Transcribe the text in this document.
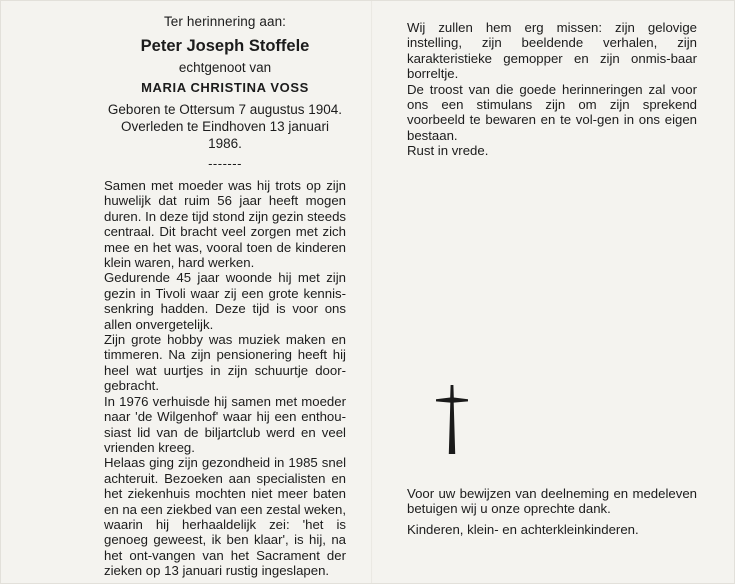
Ter herinnering aan:
Peter Joseph Stoffele
echtgenoot van
MARIA CHRISTINA VOSS
Geboren te Ottersum 7 augustus 1904.
Overleden te Eindhoven 13 januari 1986.
-------

Samen met moeder was hij trots op zijn huwelijk dat ruim 56 jaar heeft mogen duren. In deze tijd stond zijn gezin steeds centraal. Dit bracht veel zorgen met zich mee en het was, vooral toen de kinderen klein waren, hard werken.

Gedurende 45 jaar woonde hij met zijn gezin in Tivoli waar zij een grote kennis-senkring hadden. Deze tijd is voor ons allen onvergetelijk.

Zijn grote hobby was muziek maken en timmeren. Na zijn pensionering heeft hij heel wat uurtjes in zijn schuurtje door-gebracht.

In 1976 verhuisde hij samen met moeder naar 'de Wilgenhof' waar hij een enthou-siast lid van de biljartclub werd en veel vrienden kreeg.

Helaas ging zijn gezondheid in 1985 snel achteruit. Bezoeken aan specialisten en het ziekenhuis mochten niet meer baten en na een ziekbed van een zestal weken, waarin hij herhaaldelijk zei: 'het is genoeg geweest, ik ben klaar', is hij, na het ont-vangen van het Sacrament der zieken op 13 januari rustig ingeslapen.

Wij zullen hem erg missen: zijn gelovige instelling, zijn beeldende verhalen, zijn karakteristieke gemopper en zijn onmis-baar borreltje.

De troost van die goede herinneringen zal voor ons een stimulans zijn om zijn sprekend voorbeeld te bewaren en te vol-gen in ons eigen bestaan.

Rust in vrede.

Voor uw bewijzen van deelneming en medeleven betuigen wij u onze oprechte dank.

Kinderen, klein- en achterkleinkinderen.
